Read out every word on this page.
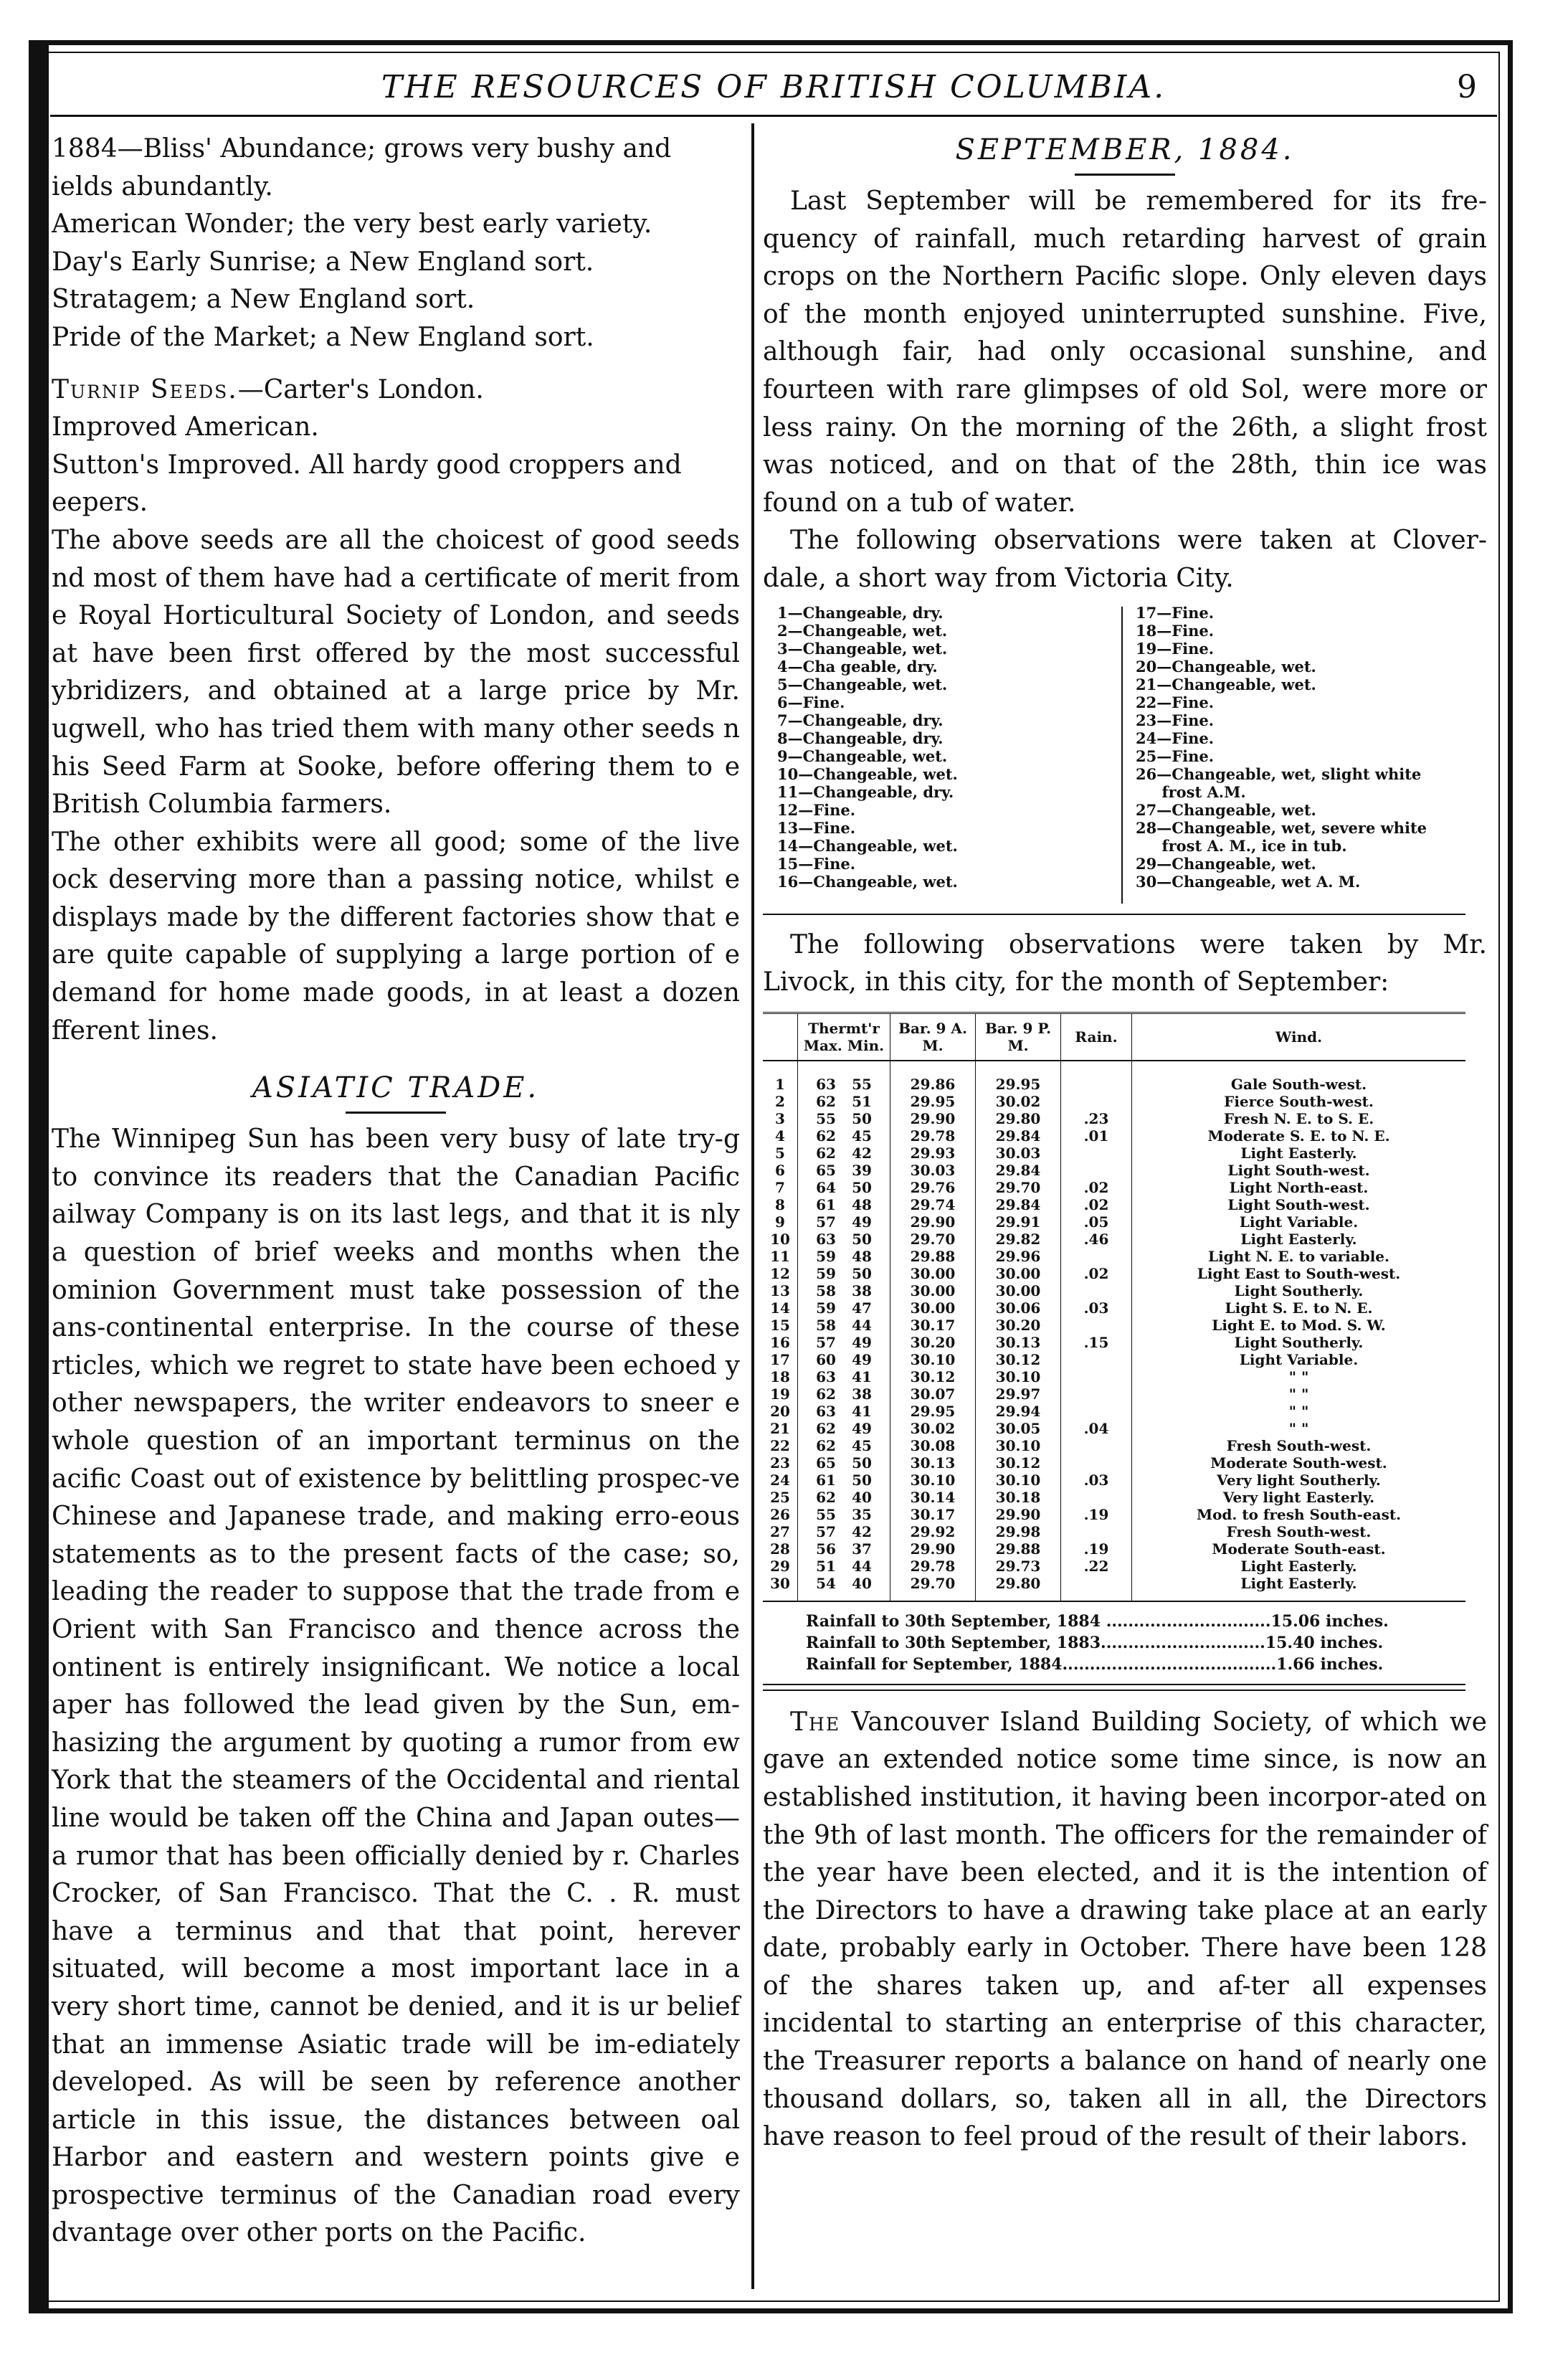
THE RESOURCES OF BRITISH COLUMBIA.	9

1884—Bliss' Abundance; grows very bushy and

ields abundantly.

American Wonder; the very best early variety.

Day's Early Sunrise; a New England sort.

Stratagem; a New England sort.

Pride of the Market; a New England sort.

Turnip Seeds.—Carter's London.

Improved American.

Sutton's Improved. All hardy good croppers and

eepers.

The above seeds are all the choicest of good seeds nd most of them have had a certificate of merit from e Royal Horticultural Society of London, and seeds at have been first offered by the most successful ybridizers, and obtained at a large price by Mr. ugwell, who has tried them with many other seeds n his Seed Farm at Sooke, before offering them to e British Columbia farmers.

The other exhibits were all good; some of the live ock deserving more than a passing notice, whilst e displays made by the different factories show that e are quite capable of supplying a large portion of e demand for home made goods, in at least a dozen fferent lines.

ASIATIC TRADE.

The Winnipeg Sun has been very busy of late try-g to convince its readers that the Canadian Pacific ailway Company is on its last legs, and that it is nly a question of brief weeks and months when the ominion Government must take possession of the ans-continental enterprise. In the course of these rticles, which we regret to state have been echoed y other newspapers, the writer endeavors to sneer e whole question of an important terminus on the acific Coast out of existence by belittling prospec-ve Chinese and Japanese trade, and making erro-eous statements as to the present facts of the case; so, leading the reader to suppose that the trade from e Orient with San Francisco and thence across the ontinent is entirely insignificant. We notice a local aper has followed the lead given by the Sun, em-hasizing the argument by quoting a rumor from ew York that the steamers of the Occidental and riental line would be taken off the China and Japan outes—a rumor that has been officially denied by r. Charles Crocker, of San Francisco. That the C. . R. must have a terminus and that that point, herever situated, will become a most important lace in a very short time, cannot be denied, and it is ur belief that an immense Asiatic trade will be im-ediately developed. As will be seen by reference another article in this issue, the distances between oal Harbor and eastern and western points give e prospective terminus of the Canadian road every dvantage over other ports on the Pacific.

SEPTEMBER, 1884.

Last September will be remembered for its fre-quency of rainfall, much retarding harvest of grain crops on the Northern Pacific slope. Only eleven days of the month enjoyed uninterrupted sunshine. Five, although fair, had only occasional sunshine, and fourteen with rare glimpses of old Sol, were more or less rainy. On the morning of the 26th, a slight frost was noticed, and on that of the 28th, thin ice was found on a tub of water.

The following observations were taken at Clover-dale, a short way from Victoria City.

1—Changeable, dry.
2—Changeable, wet.
3—Changeable, wet.
4—Cha geable, dry.
5—Changeable, wet.
6—Fine.
7—Changeable, dry.
8—Changeable, dry.
9—Changeable, wet.
10—Changeable, wet.
11—Changeable, dry.
12—Fine.
13—Fine.
14—Changeable, wet.
15—Fine.
16—Changeable, wet.
17—Fine.
18—Fine.
19—Fine.
20—Changeable, wet.
21—Changeable, wet.
22—Fine.
23—Fine.
24—Fine.
25—Fine.
26—Changeable, wet, slight white
frost A.M.
27—Changeable, wet.
28—Changeable, wet, severe white
frost A. M., ice in tub.
29—Changeable, wet.
30—Changeable, wet A. M.

The following observations were taken by Mr. Livock, in this city, for the month of September:

	Thermt'r Max. Min.	Bar. 9 A. M.	Bar. 9 P. M.	Rain.	Wind.
1	63 55	29.86	29.95		Gale South-west.
2	62 51	29.95	30.02		Fierce South-west.
3	55 50	29.90	29.80	.23	Fresh N. E. to S. E.
4	62 45	29.78	29.84	.01	Moderate S. E. to N. E.
5	62 42	29.93	30.03		Light Easterly.
6	65 39	30.03	29.84		Light South-west.
7	64 50	29.76	29.70	.02	Light North-east.
8	61 48	29.74	29.84	.02	Light South-west.
9	57 49	29.90	29.91	.05	Light Variable.
10	63 50	29.70	29.82	.46	Light Easterly.
11	59 48	29.88	29.96		Light N. E. to variable.
12	59 50	30.00	30.00	.02	Light East to South-west.
13	58 38	30.00	30.00		Light Southerly.
14	59 47	30.00	30.06	.03	Light S. E. to N. E.
15	58 44	30.17	30.20		Light E. to Mod. S. W.
16	57 49	30.20	30.13	.15	Light Southerly.
17	60 49	30.10	30.12		Light Variable.
18	63 41	30.12	30.10		" "
19	62 38	30.07	29.97		" "
20	63 41	29.95	29.94		" "
21	62 49	30.02	30.05	.04	" "
22	62 45	30.08	30.10		Fresh South-west.
23	65 50	30.13	30.12		Moderate South-west.
24	61 50	30.10	30.10	.03	Very light Southerly.
25	62 40	30.14	30.18		Very light Easterly.
26	55 35	30.17	29.90	.19	Mod. to fresh South-east.
27	57 42	29.92	29.98		Fresh South-west.
28	56 37	29.90	29.88	.19	Moderate South-east.
29	51 44	29.78	29.73	.22	Light Easterly.
30	54 40	29.70	29.80		Light Easterly.
Rainfall to 30th September, 1884 ..............................15.06 inches.
Rainfall to 30th September, 1883..............................15.40 inches.
Rainfall for September, 1884.......................................1.66 inches.

The Vancouver Island Building Society, of which we gave an extended notice some time since, is now an established institution, it having been incorpor-ated on the 9th of last month. The officers for the remainder of the year have been elected, and it is the intention of the Directors to have a drawing take place at an early date, probably early in October. There have been 128 of the shares taken up, and af-ter all expenses incidental to starting an enterprise of this character, the Treasurer reports a balance on hand of nearly one thousand dollars, so, taken all in all, the Directors have reason to feel proud of the result of their labors.
